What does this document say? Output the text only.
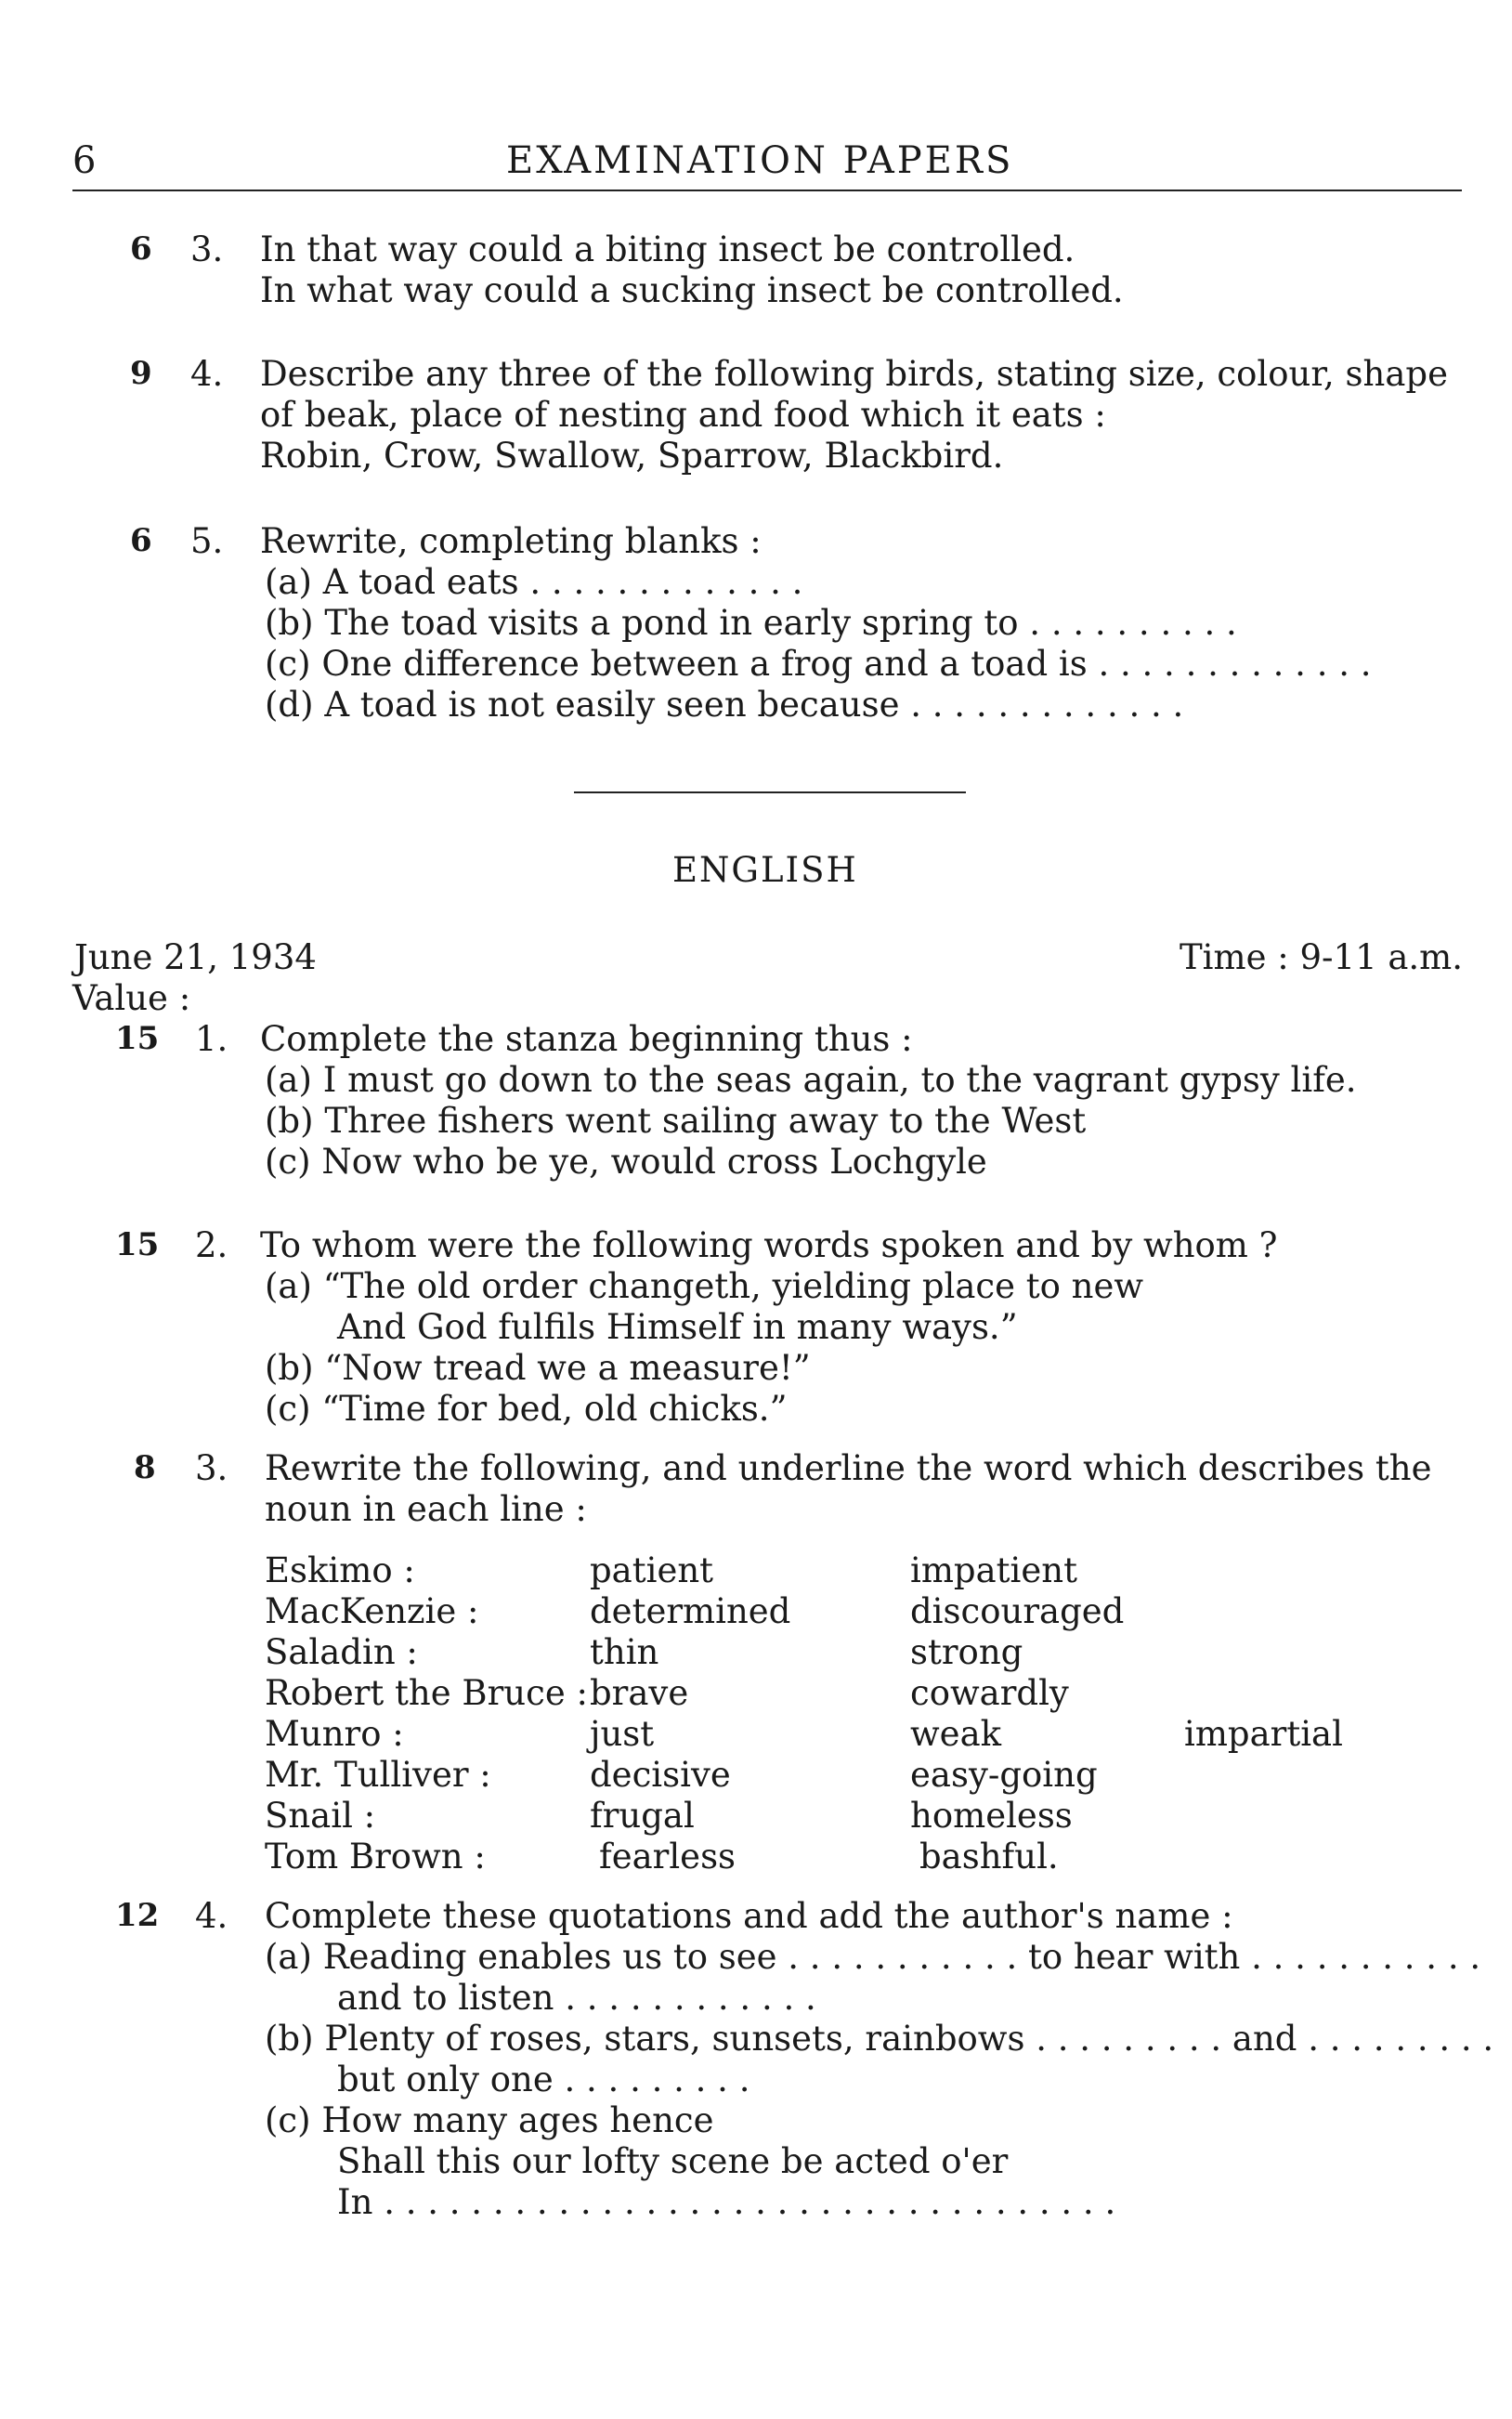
6	EXAMINATION PAPERS
6 3. In that way could a biting insect be controlled.
In what way could a sucking insect be controlled.
9 4. Describe any three of the following birds, stating size, colour, shape
of beak, place of nesting and food which it eats :
Robin, Crow, Swallow, Sparrow, Blackbird.
6 5. Rewrite, completing blanks :
(a) A toad eats . . . . . . . . . . . . .
(b) The toad visits a pond in early spring to . . . . . . . . . .
(c) One difference between a frog and a toad is . . . . . . . . . . . . .
(d) A toad is not easily seen because . . . . . . . . . . . . .
ENGLISH
June 21, 1934	Time : 9-11 a.m.
Value :
15 1. Complete the stanza beginning thus :
(a) I must go down to the seas again, to the vagrant gypsy life.
(b) Three fishers went sailing away to the West
(c) Now who be ye, would cross Lochgyle
15 2. To whom were the following words spoken and by whom ?
(a) “The old order changeth, yielding place to new
And God fulfils Himself in many ways.”
(b) “Now tread we a measure!”
(c) “Time for bed, old chicks.”
8 3. Rewrite the following, and underline the word which describes the
noun in each line :
Eskimo :	patient	impatient
MacKenzie :	determined	discouraged
Saladin :	thin	strong
Robert the Bruce : brave	cowardly
Munro :	just	weak	impartial
Mr. Tulliver :	decisive	easy-going
Snail :	frugal	homeless
Tom Brown :	fearless	bashful.
12 4. Complete these quotations and add the author's name :
(a) Reading enables us to see . . . . . . . . . . . to hear with . . . . . . . . . . .
and to listen . . . . . . . . . . . .
(b) Plenty of roses, stars, sunsets, rainbows . . . . . . . . . and . . . . . . . . .
but only one . . . . . . . . .
(c) How many ages hence
Shall this our lofty scene be acted o'er
In . . . . . . . . . . . . . . . . . . . . . . . . . . . . . . . . . .
